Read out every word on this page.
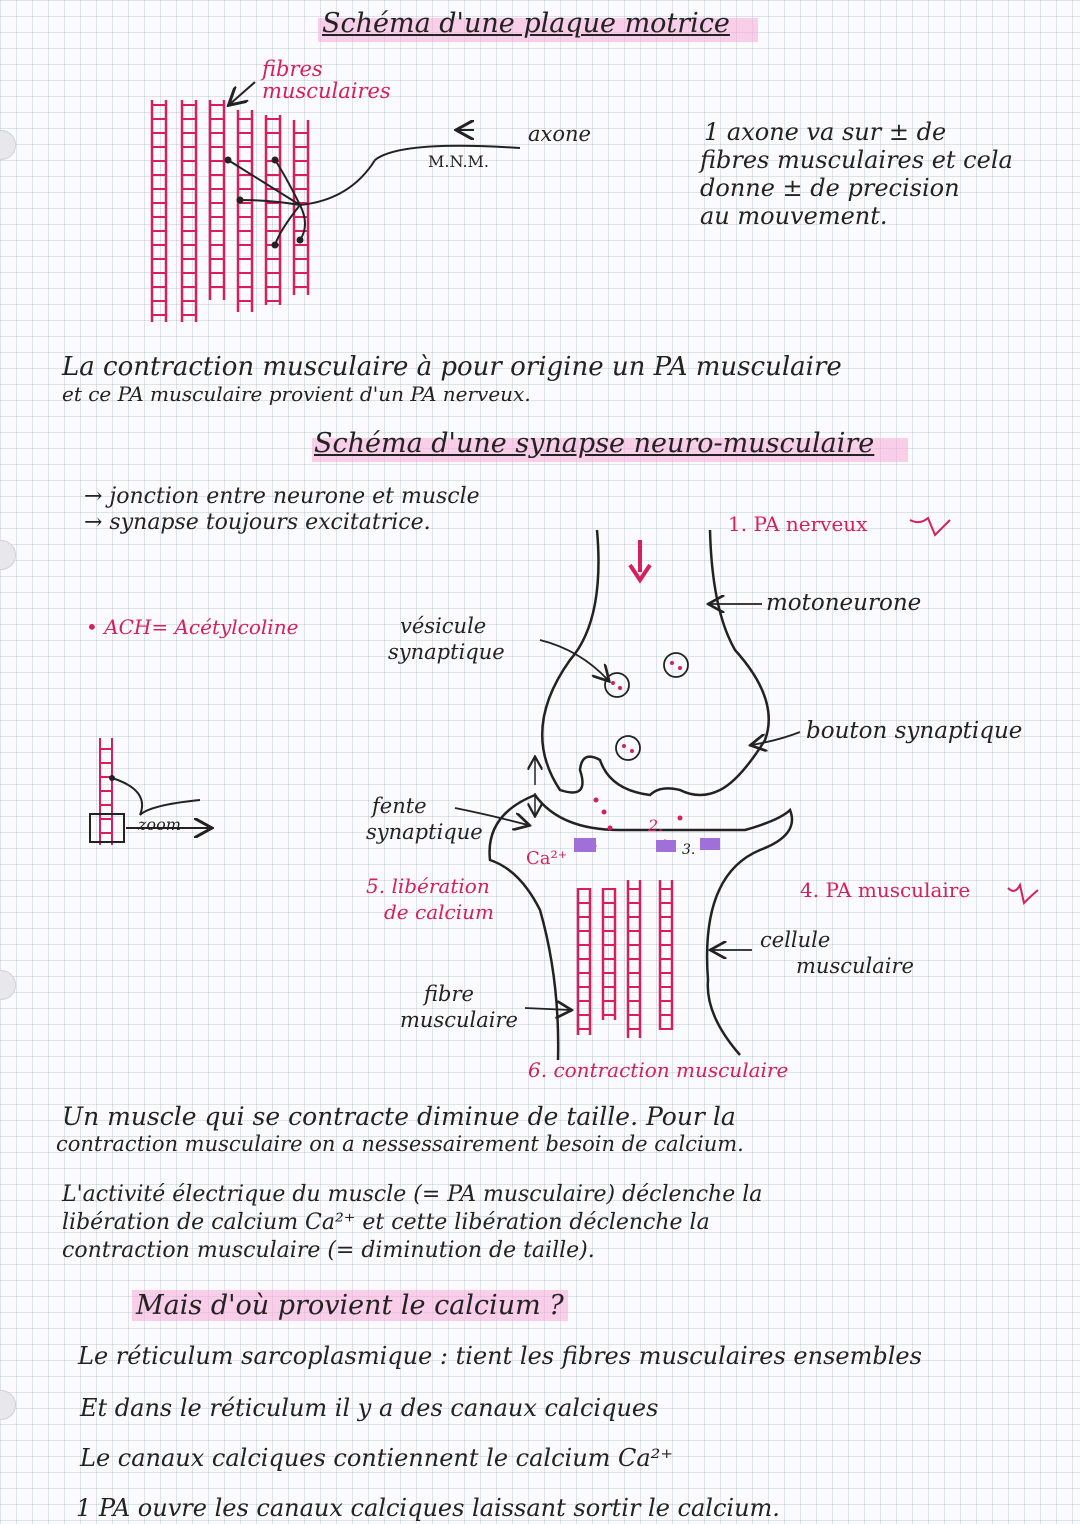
Schéma d'une plaque motrice
fibres musculaires
axone
M.N.M.
1 axone va sur ± de
fibres musculaires et cela
donne ± de precision
au mouvement.
La contraction musculaire à pour origine un PA musculaire
et ce PA musculaire provient d'un PA nerveux.
Schéma d'une synapse neuro-musculaire
→ jonction entre neurone et muscle
→ synapse toujours excitatrice.
• ACH= Acétylcoline
zoom
1. PA nerveux
motoneurone
vésicule
synaptique
bouton synaptique
fente
synaptique
Ca²⁺
2.
3.
5. libération
de calcium
4. PA musculaire
cellule
musculaire
fibre
musculaire
6. contraction musculaire
Un muscle qui se contracte diminue de taille. Pour la
contraction musculaire on a nessessairement besoin de calcium.
L'activité électrique du muscle (= PA musculaire) déclenche la
libération de calcium Ca²⁺ et cette libération déclenche la
contraction musculaire (= diminution de taille).
Mais d'où provient le calcium ?
Le réticulum sarcoplasmique : tient les fibres musculaires ensembles
Et dans le réticulum il y a des canaux calciques
Le canaux calciques contiennent le calcium Ca²⁺
1 PA ouvre les canaux calciques laissant sortir le calcium.
